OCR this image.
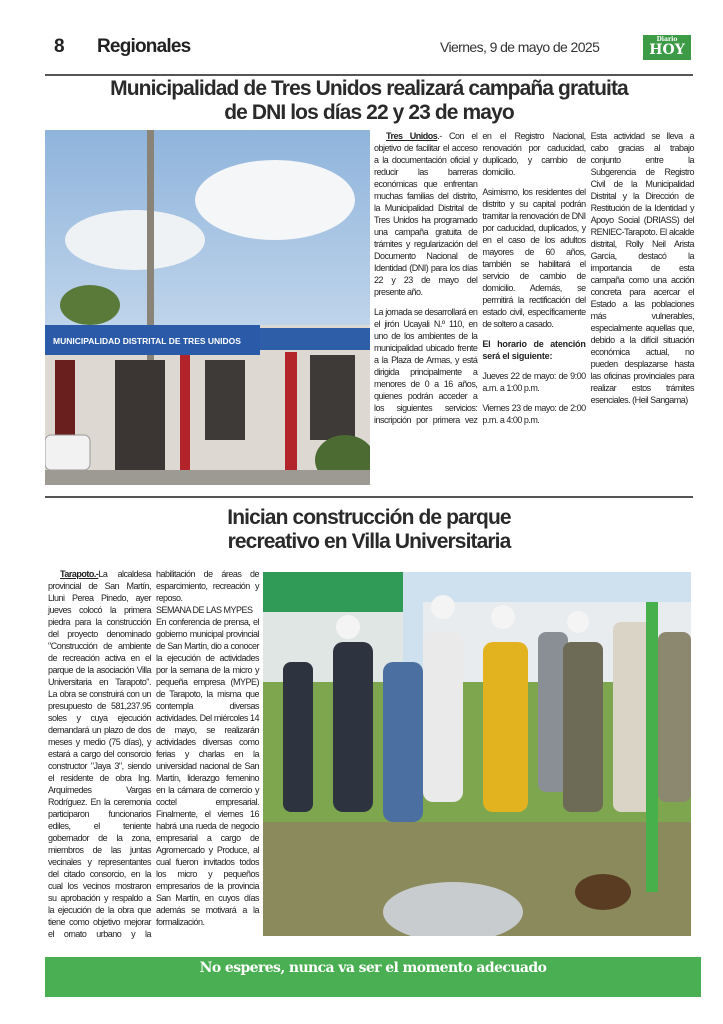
8 Regionales	Viernes, 9 de mayo de 2025	Diario
HOY
Municipalidad de Tres Unidos realizará campaña gratuita
de DNI los días 22 y 23 de mayo
MUNICIPALIDAD DISTRITAL DE TRES UNIDOS

Tres Unidos.- Con el objetivo de facilitar el acceso a la documentación oficial y reducir las barreras económicas que enfrentan muchas familias del distrito, la Municipalidad Distrital de Tres Unidos ha programado una campaña gratuita de trámites y regularización del Documento Nacional de Identidad (DNI) para los días 22 y 23 de mayo del presente año.

La jornada se desarrollará en el jirón Ucayali N.º 110, en uno de los ambientes de la municipalidad ubicado frente a la Plaza de Armas, y está dirigida principalmente a menores de 0 a 16 años, quienes podrán acceder a los siguientes servicios: inscripción por primera vez en el Registro Nacional, renovación por caducidad, duplicado, y cambio de domicilio.

Asimismo, los residentes del distrito y su capital podrán tramitar la renovación de DNI por caducidad, duplicados, y en el caso de los adultos mayores de 60 años, también se habilitará el servicio de cambio de domicilio. Además, se permitirá la rectificación del estado civil, específicamente de soltero a casado.

El horario de atención será el siguiente:

Jueves 22 de mayo: de 9:00 a.m. a 1:00 p.m.

Viernes 23 de mayo: de 2:00 p.m. a 4:00 p.m.

Esta actividad se lleva a cabo gracias al trabajo conjunto entre la Subgerencia de Registro Civil de la Municipalidad Distrital y la Dirección de Restitución de la Identidad y Apoyo Social (DRIASS) del RENIEC-Tarapoto. El alcalde distrital, Rolly Neil Arista García, destacó la importancia de esta campaña como una acción concreta para acercar el Estado a las poblaciones más vulnerables, especialmente aquellas que, debido a la difícil situación económica actual, no pueden desplazarse hasta las oficinas provinciales para realizar estos trámites esenciales. (Heil Sangama)

Inician construcción de parque
recreativo en Villa Universitaria

Tarapoto.-La alcaldesa provincial de San Martín, Lluni Perea Pinedo, ayer jueves colocó la primera piedra para la construcción del proyecto denominado "Construcción de ambiente de recreación activa en el parque de la asociación Villa Universitaria en Tarapoto". La obra se construirá con un presupuesto de 581,237.95 soles y cuya ejecución demandará un plazo de dos meses y medio (75 días), y estará a cargo del consorcio constructor "Jaya 3", siendo el residente de obra Ing. Arquímedes Vargas Rodríguez. En la ceremonia participaron funcionarios ediles, el teniente gobernador de la zona, miembros de las juntas vecinales y representantes del citado consorcio, en la cual los vecinos mostraron su aprobación y respaldo a la ejecución de la obra que tiene como objetivo mejorar el ornato urbano y la habilitación de áreas de esparcimiento, recreación y reposo.
SEMANA DE LAS MYPES
En conferencia de prensa, el gobierno municipal provincial de San Martín, dio a conocer la ejecución de actividades por la semana de la micro y pequeña empresa (MYPE) de Tarapoto, la misma que contempla diversas actividades. Del miércoles 14 de mayo, se realizarán actividades diversas como ferias y charlas en la universidad nacional de San Martín, liderazgo femenino en la cámara de comercio y coctel empresarial. Finalmente, el viernes 16 habrá una rueda de negocio empresarial a cargo de Agromercado y Produce, al cual fueron invitados todos los micro y pequeños empresarios de la provincia San Martín, en cuyos días además se motivará a la formalización.

No esperes, nunca va ser el momento adecuado
